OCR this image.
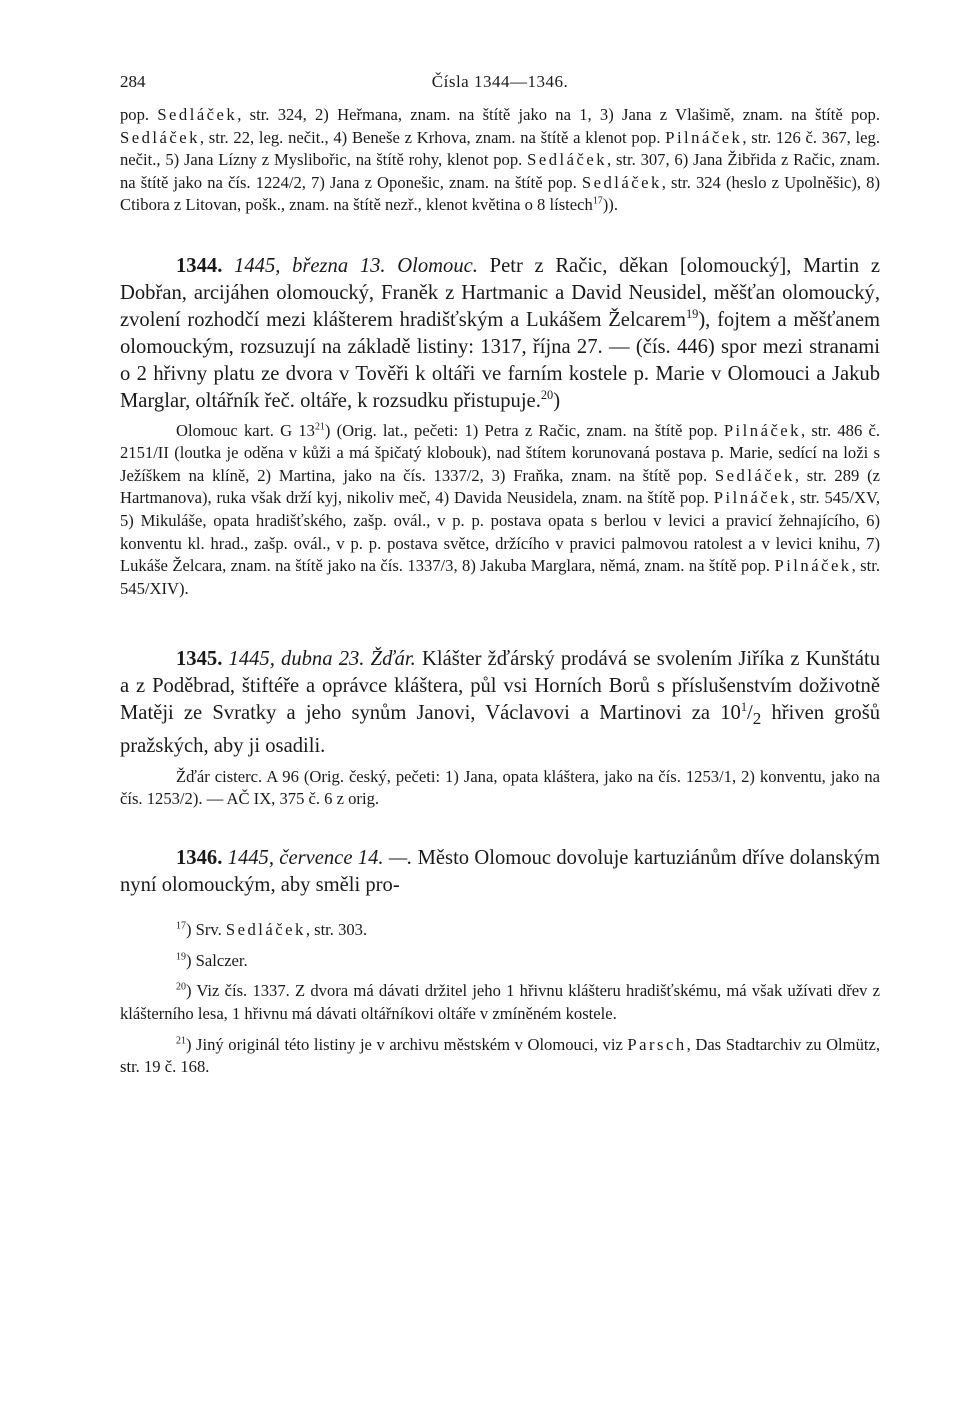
284	Čísla 1344—1346.

pop. Sedláček, str. 324, 2) Heřmana, znam. na štítě jako na 1, 3) Jana z Vlašimě, znam. na štítě pop. Sedláček, str. 22, leg. nečit., 4) Beneše z Krhova, znam. na štítě a klenot pop. Pilnáček, str. 126 č. 367, leg. nečit., 5) Jana Lízny z Myslibořic, na štítě rohy, klenot pop. Sedláček, str. 307, 6) Jana Žibřida z Račic, znam. na štítě jako na čís. 1224/2, 7) Jana z Oponešic, znam. na štítě pop. Sedláček, str. 324 (heslo z Upolněšic), 8) Ctibora z Litovan, pošk., znam. na štítě nezř., klenot květina o 8 lístech$^{17}$)).

1344. 1445, března 13. Olomouc. Petr z Račic, děkan [olomoucký], Martin z Dobřan, arcijáhen olomoucký, Franěk z Hartmanic a David Neusidel, měšťan olomoucký, zvolení rozhodčí mezi klášterem hradišťským a Lukášem Želcarem$^{19}$), fojtem a měšťanem olomouckým, rozsuzují na základě listiny: 1317, října 27. — (čís. 446) spor mezi stranami o 2 hřivny platu ze dvora v Tověři k oltáři ve farním kostele p. Marie v Olomouci a Jakub Marglar, oltářník řeč. oltáře, k rozsudku přistupuje.$^{20}$)

Olomouc kart. G $13^{21}$) (Orig. lat., pečeti: 1) Petra z Račic, znam. na štítě pop. Pilnáček, str. 486 č. 2151/II (loutka je oděna v kůži a má špičatý klobouk), nad štítem korunovaná postava p. Marie, sedící na loži s Ježíškem na klíně, 2) Martina, jako na čís. 1337/2, 3) Fraňka, znam. na štítě pop. Sedláček, str. 289 (z Hartmanova), ruka však drží kyj, nikoliv meč, 4) Davida Neusidela, znam. na štítě pop. Pilnáček, str. 545/XV, 5) Mikuláše, opata hradišťského, zašp. ovál., v p. p. postava opata s berlou v levici a pravicí žehnajícího, 6) konventu kl. hrad., zašp. ovál., v p. p. postava světce, držícího v pravici palmovou ratolest a v levici knihu, 7) Lukáše Želcara, znam. na štítě jako na čís. 1337/3, 8) Jakuba Marglara, němá, znam. na štítě pop. Pilnáček, str. 545/XIV).

1345. 1445, dubna 23. Žďár. Klášter žďárský prodává se svolením Jiříka z Kunštátu a z Poděbrad, štiftéře a oprávce kláštera, půl vsi Horních Borů s příslušenstvím doživotně Matěji ze Svratky a jeho synům Janovi, Václavovi a Martinovi za $10^1/_2$ hřiven grošů pražských, aby ji osadili.

Žďár cisterc. A 96 (Orig. český, pečeti: 1) Jana, opata kláštera, jako na čís. 1253/1, 2) konventu, jako na čís. 1253/2). — AČ IX, 375 č. 6 z orig.

1346. 1445, července 14. —. Město Olomouc dovoluje kartuziánům dříve dolanským nyní olomouckým, aby směli pro-

$^{17}$) Srv. Sedláček, str. 303.

$^{19}$) Salczer.

$^{20}$) Viz čís. 1337. Z dvora má dávati držitel jeho 1 hřivnu klášteru hradišťskému, má však užívati dřev z klášterního lesa, 1 hřivnu má dávati oltářníkovi oltáře v zmíněném kostele.

$^{21}$) Jiný originál této listiny je v archivu městském v Olomouci, viz Parsch, Das Stadtarchiv zu Olmütz, str. 19 č. 168.
